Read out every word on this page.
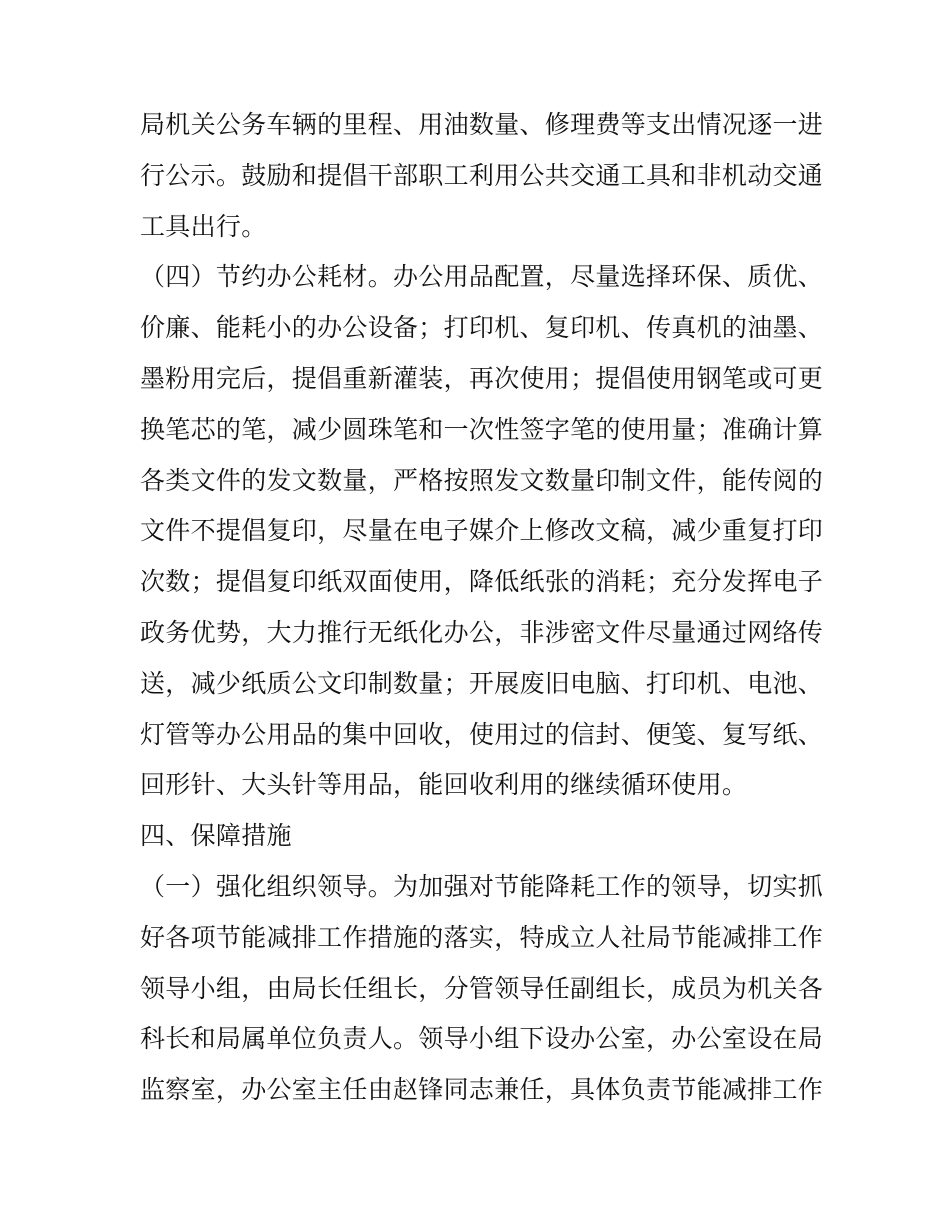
局机关公务车辆的里程、用油数量、修理费等支出情况逐一进
行公示。鼓励和提倡干部职工利用公共交通工具和非机动交通
工具出行。
（四）节约办公耗材。办公用品配置，尽量选择环保、质优、
价廉、能耗小的办公设备；打印机、复印机、传真机的油墨、
墨粉用完后，提倡重新灌装，再次使用；提倡使用钢笔或可更
换笔芯的笔，减少圆珠笔和一次性签字笔的使用量；准确计算
各类文件的发文数量，严格按照发文数量印制文件，能传阅的
文件不提倡复印，尽量在电子媒介上修改文稿，减少重复打印
次数；提倡复印纸双面使用，降低纸张的消耗；充分发挥电子
政务优势，大力推行无纸化办公，非涉密文件尽量通过网络传
送，减少纸质公文印制数量；开展废旧电脑、打印机、电池、
灯管等办公用品的集中回收，使用过的信封、便笺、复写纸、
回形针、大头针等用品，能回收利用的继续循环使用。
四、保障措施
（一）强化组织领导。为加强对节能降耗工作的领导，切实抓
好各项节能减排工作措施的落实，特成立人社局节能减排工作
领导小组，由局长任组长，分管领导任副组长，成员为机关各
科长和局属单位负责人。领导小组下设办公室，办公室设在局
监察室，办公室主任由赵锋同志兼任，具体负责节能减排工作
